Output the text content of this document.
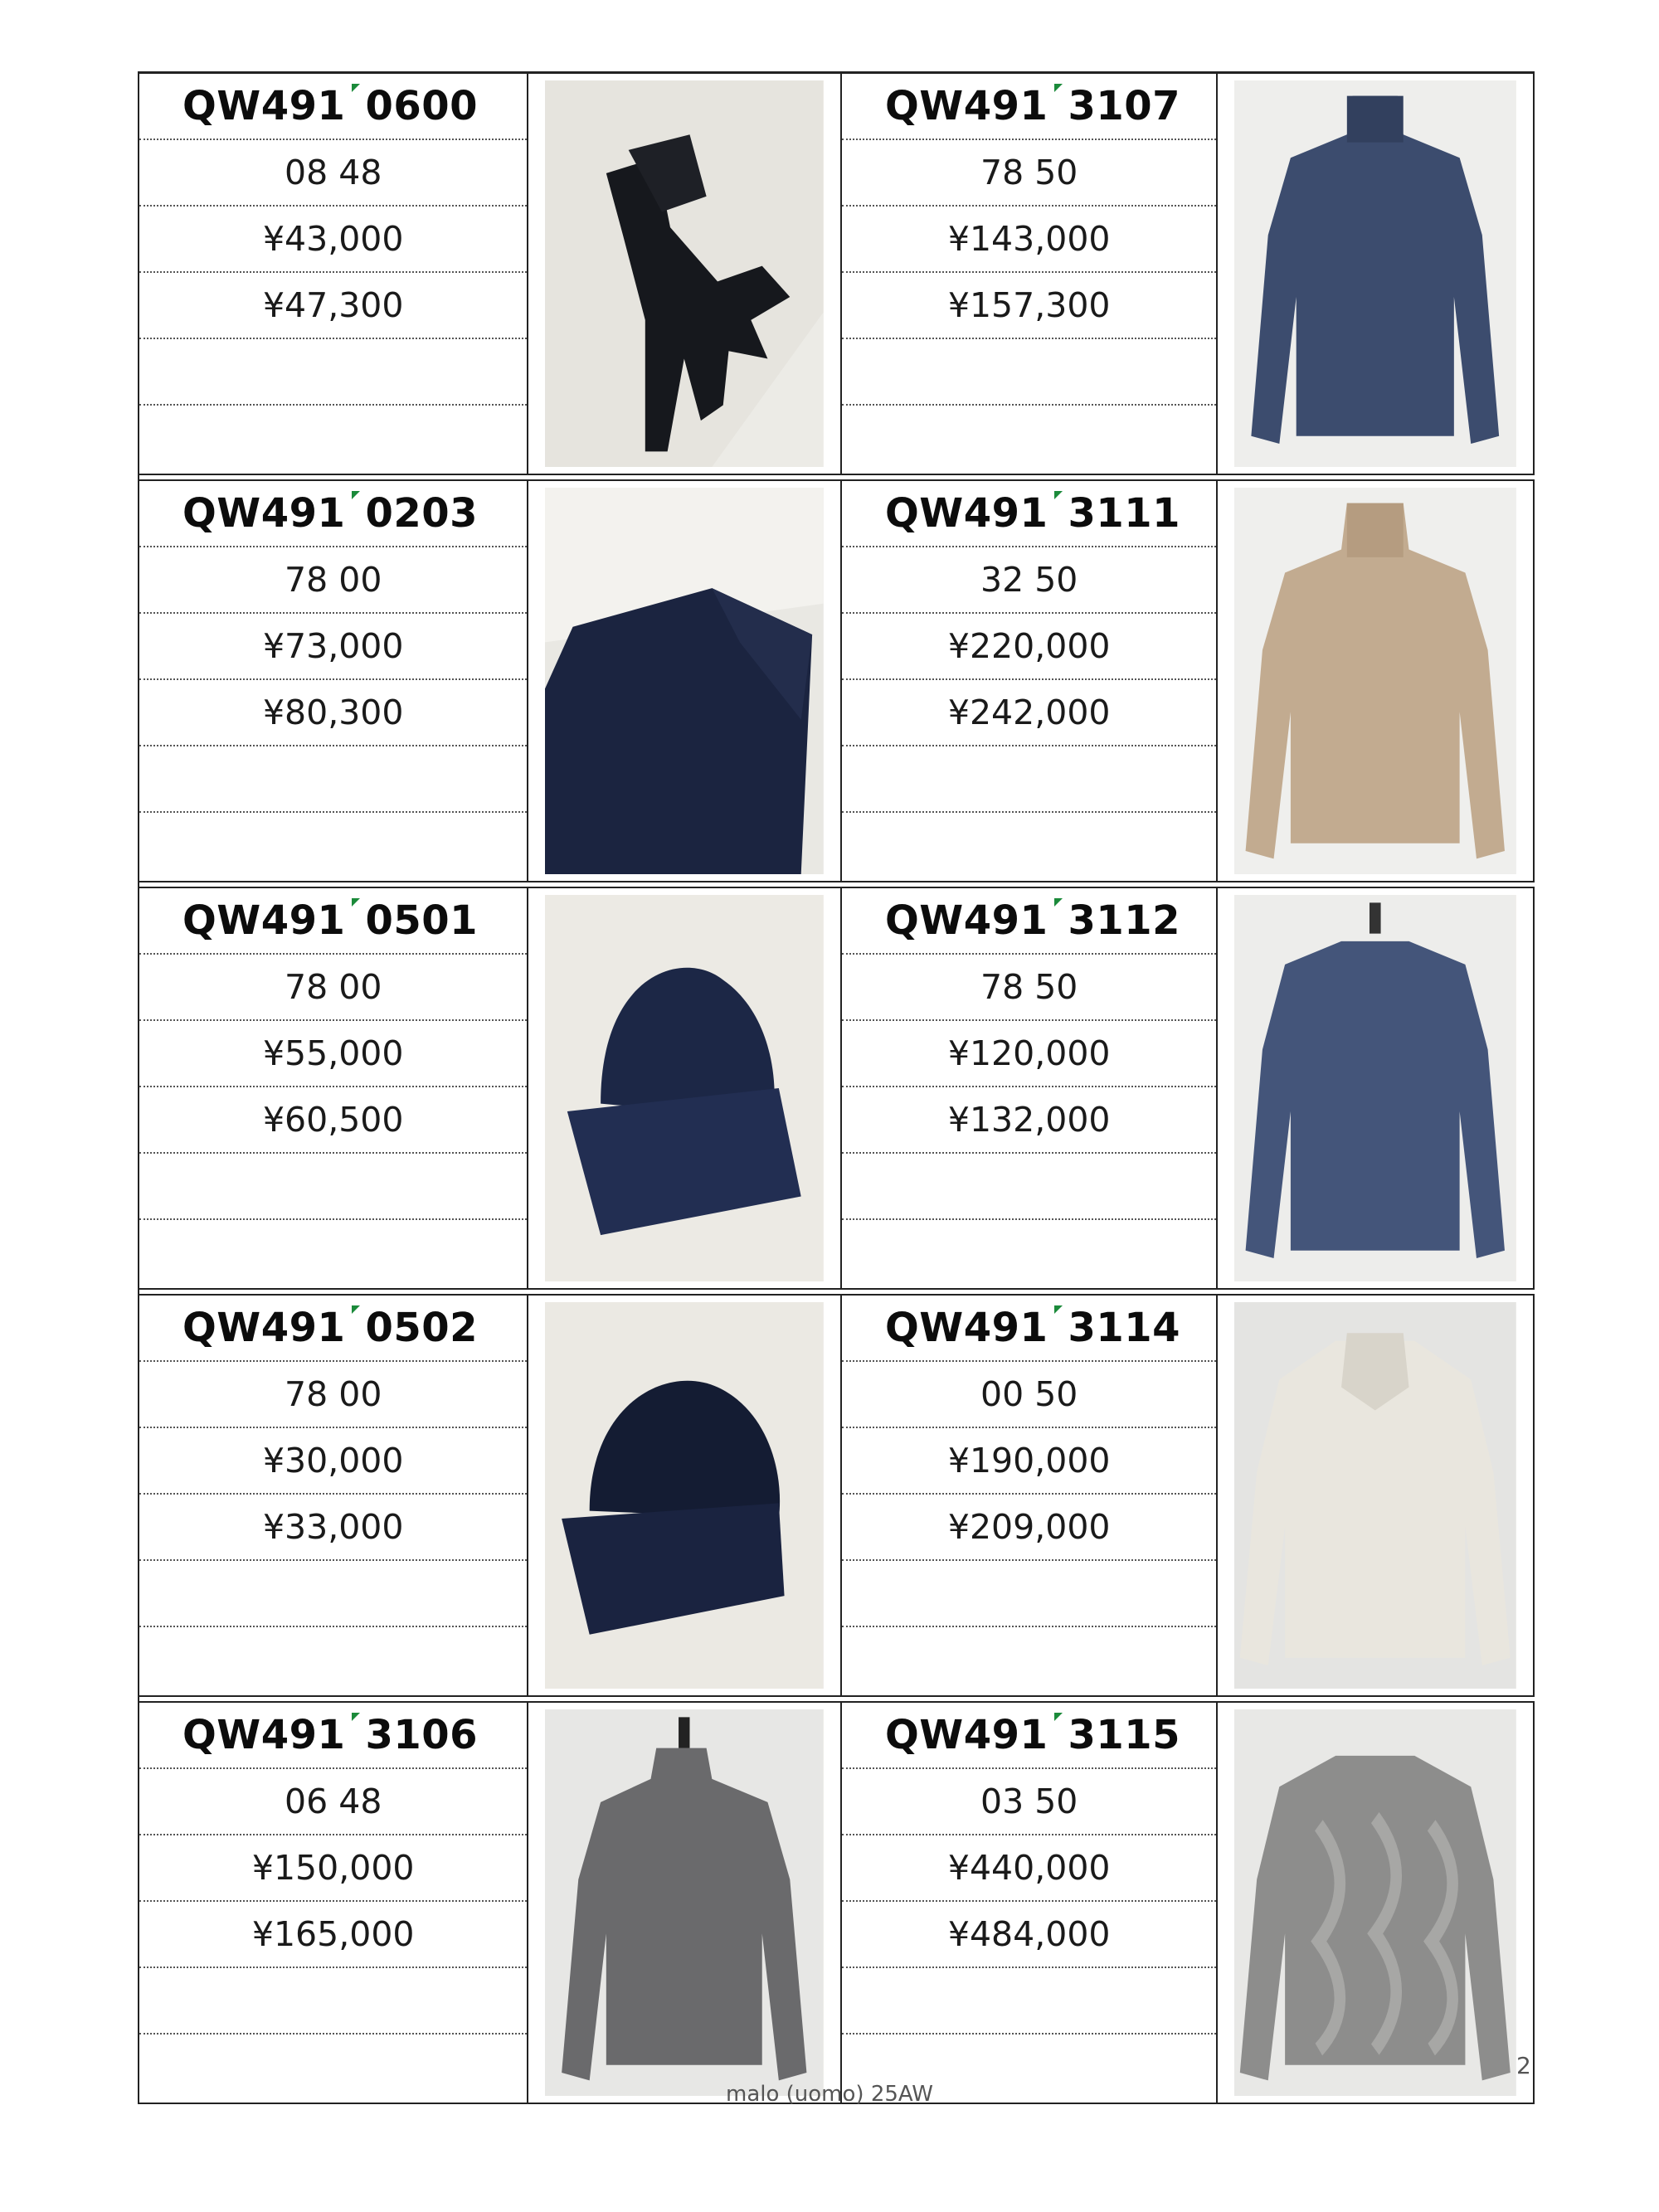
QW491 0600
08 48
¥43,000
¥47,300
QW491 3107
78 50
¥143,000
¥157,300
QW491 0203
78 00
¥73,000
¥80,300
QW491 3111
32 50
¥220,000
¥242,000
QW491 0501
78 00
¥55,000
¥60,500
QW491 3112
78 50
¥120,000
¥132,000
QW491 0502
78 00
¥30,000
¥33,000
QW491 3114
00 50
¥190,000
¥209,000
QW491 3106
06 48
¥150,000
¥165,000
QW491 3115
03 50
¥440,000
¥484,000
2
malo (uomo) 25AW
